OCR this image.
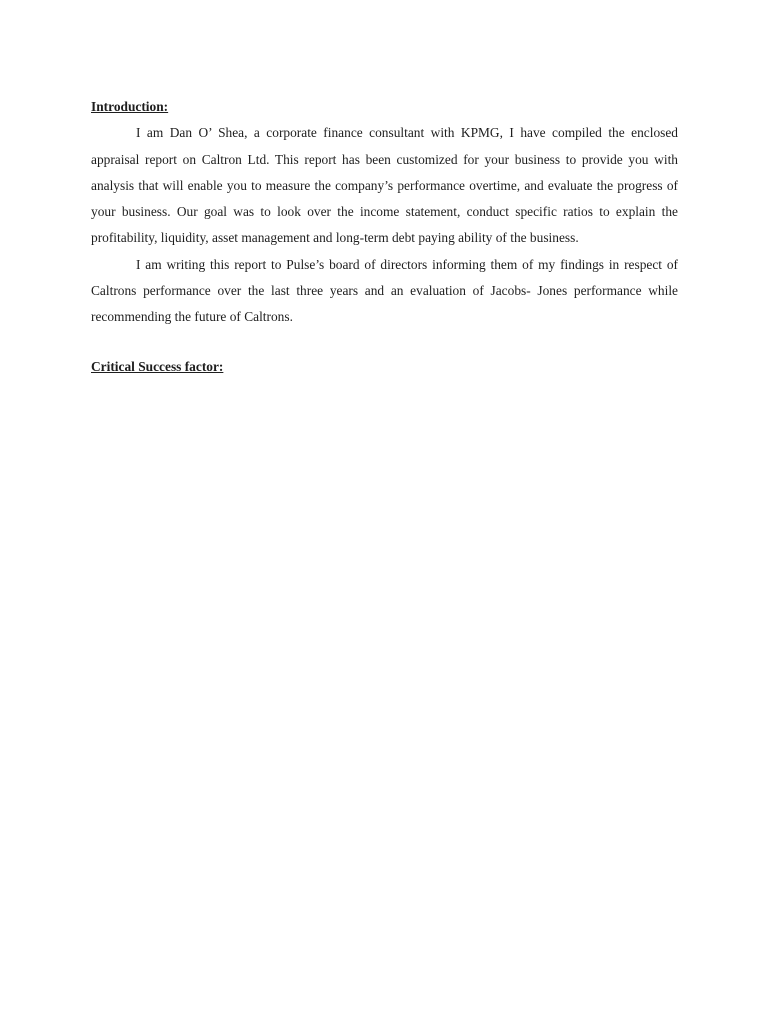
Introduction:

I am Dan O’ Shea, a corporate finance consultant with KPMG, I have compiled the enclosed appraisal report on Caltron Ltd. This report has been customized for your business to provide you with analysis that will enable you to measure the company’s performance overtime, and evaluate the progress of your business. Our goal was to look over the income statement, conduct specific ratios to explain the profitability, liquidity, asset management and long-term debt paying ability of the business.

I am writing this report to Pulse’s board of directors informing them of my findings in respect of Caltrons performance over the last three years and an evaluation of Jacobs- Jones performance while recommending the future of Caltrons.

Critical Success factor:
